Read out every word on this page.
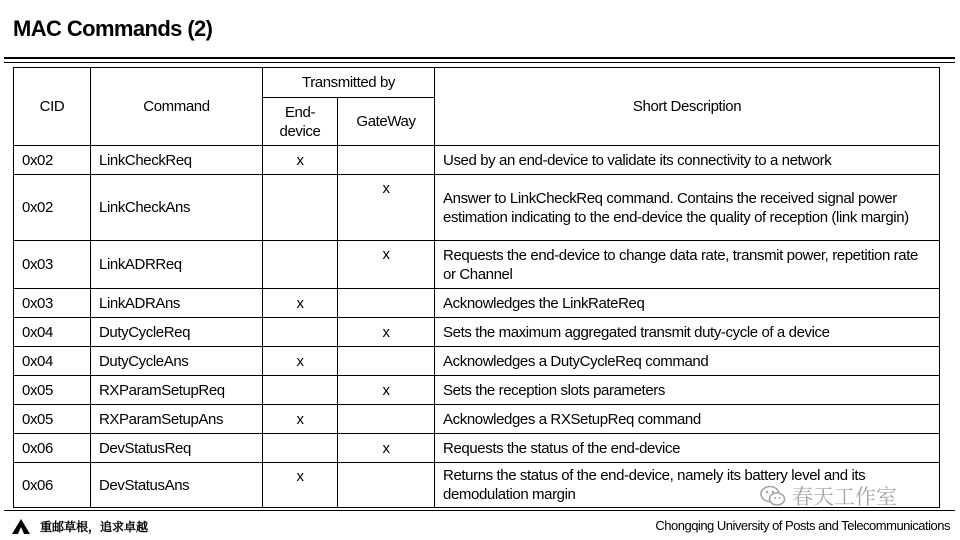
MAC Commands (2)
CID	Command	Transmitted by		Short Description
		End-device	GateWay	
0x02	LinkCheckReq	x		Used by an end-device to validate its connectivity to a network
0x02	LinkCheckAns		x	Answer to LinkCheckReq command. Contains the received signal power estimation indicating to the end-device the quality of reception (link margin)
0x03	LinkADRReq		x	Requests the end-device to change data rate, transmit power, repetition rate or Channel
0x03	LinkADRAns	x		Acknowledges the LinkRateReq
0x04	DutyCycleReq		x	Sets the maximum aggregated transmit duty-cycle of a device
0x04	DutyCycleAns	x		Acknowledges a DutyCycleReq command
0x05	RXParamSetupReq		x	Sets the reception slots parameters
0x05	RXParamSetupAns	x		Acknowledges a RXSetupReq command
0x06	DevStatusReq		x	Requests the status of the end-device
0x06	DevStatusAns	x		Returns the status of the end-device, namely its battery level and its demodulation margin	春天工作室
重邮草根，追求卓越	Chongqing University of Posts and Telecommunications
